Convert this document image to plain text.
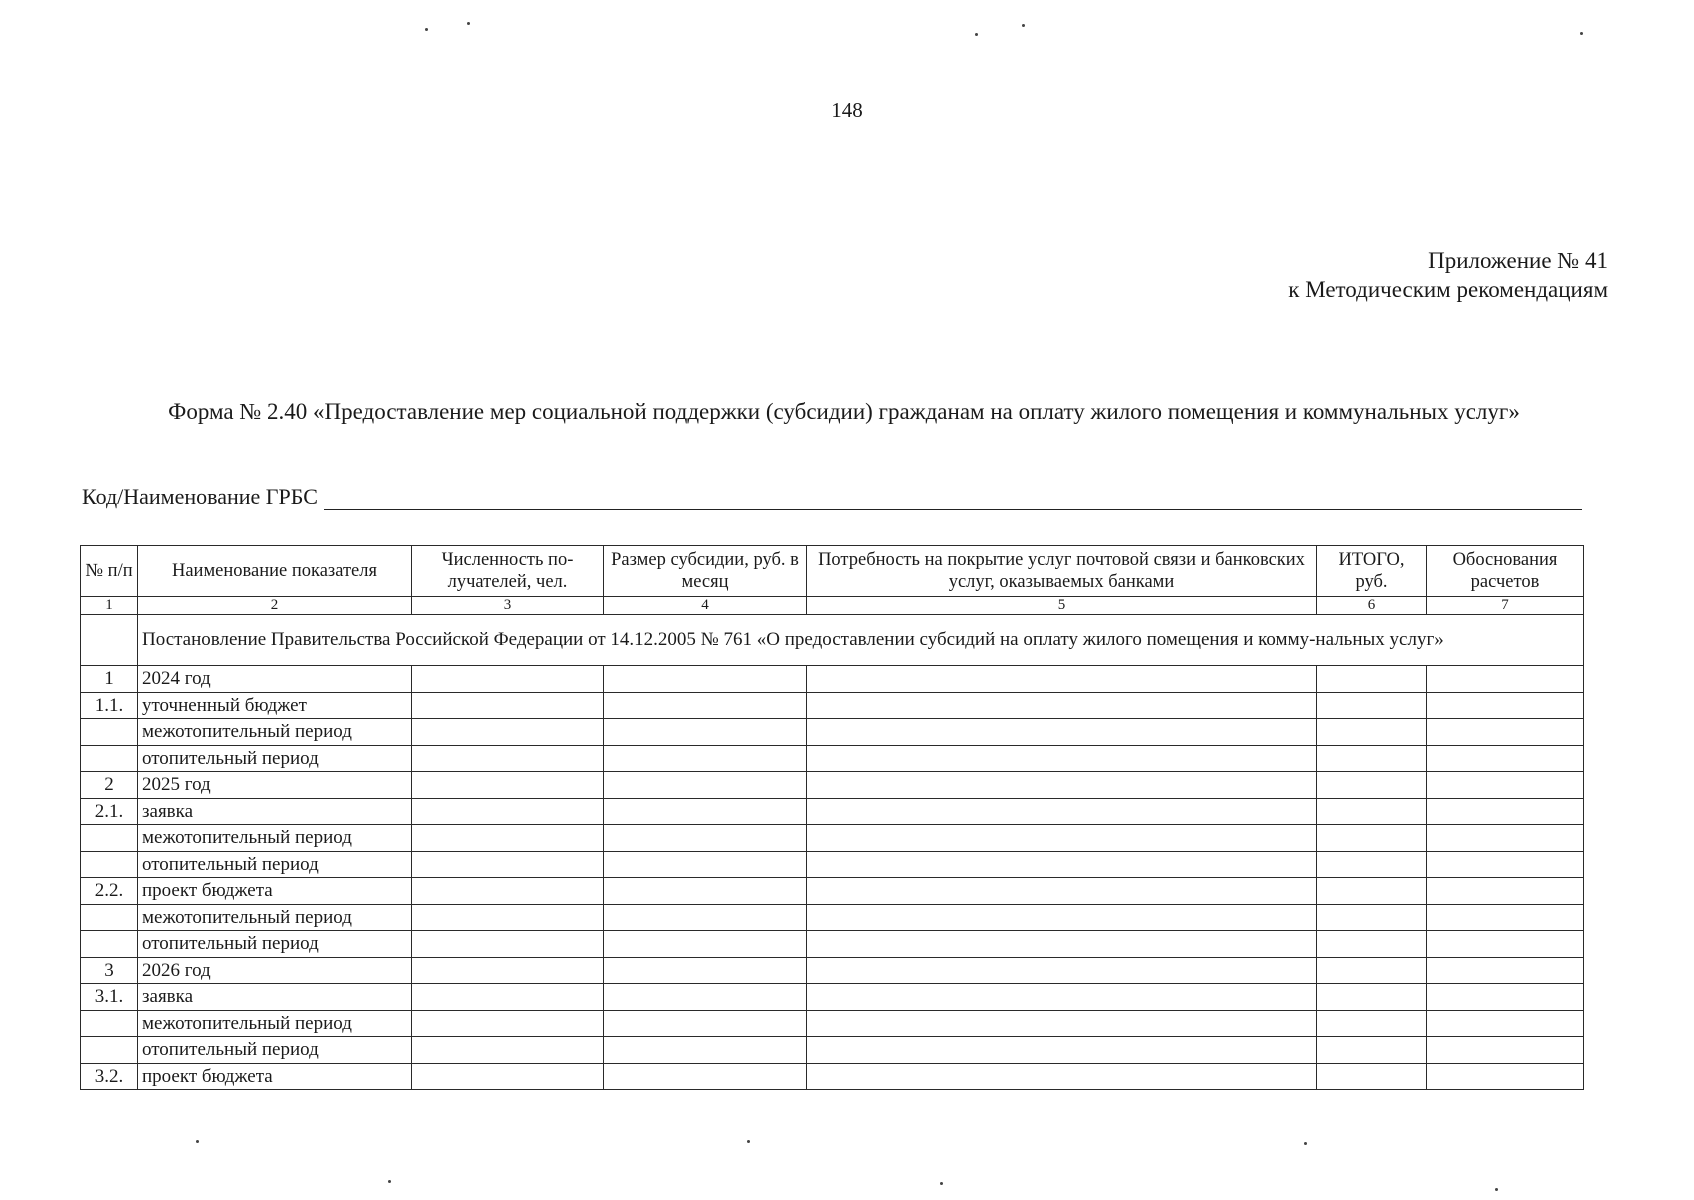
148
Приложение № 41
к Методическим рекомендациям
Форма № 2.40 «Предоставление мер социальной поддержки (субсидии) гражданам на оплату жилого помещения и коммунальных услуг»
Код/Наименование ГРБС
№ п/п	Наименование показателя	Численность по-лучателей, чел.	Размер субсидии, руб. в месяц	Потребность на покрытие услуг почтовой связи и банковских услуг, оказываемых банками	ИТОГО, руб.	Обоснования расчетов
1	2	3	4	5	6	7
	Постановление Правительства Российской Федерации от 14.12.2005 № 761 «О предоставлении субсидий на оплату жилого помещения и комму-нальных услуг»					
1	2024 год					
1.1.	уточненный бюджет					
	межотопительный период					
	отопительный период					
2	2025 год					
2.1.	заявка					
	межотопительный период					
	отопительный период					
2.2.	проект бюджета					
	межотопительный период					
	отопительный период					
3	2026 год					
3.1.	заявка					
	межотопительный период					
	отопительный период					
3.2.	проект бюджета					
